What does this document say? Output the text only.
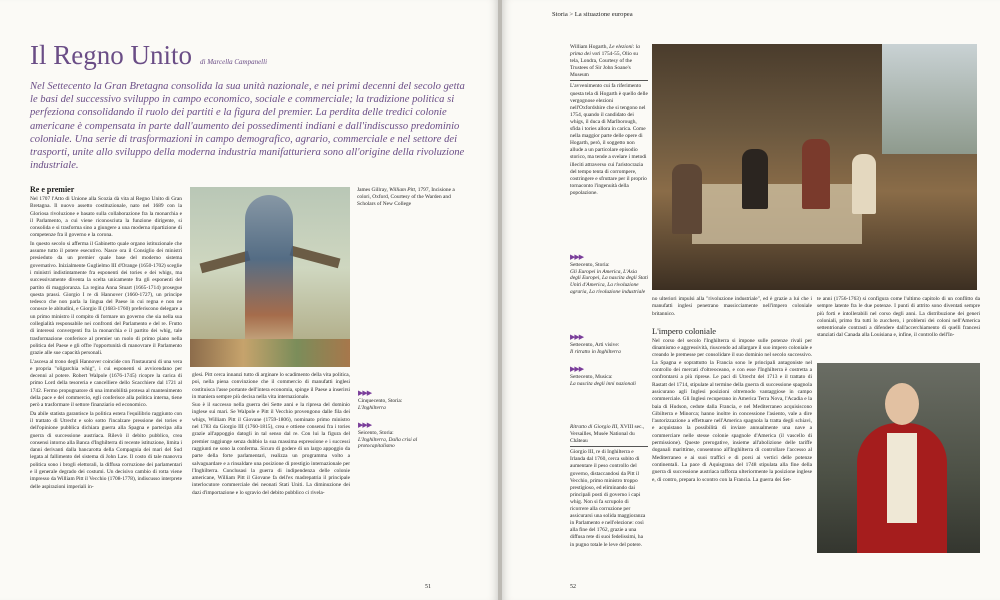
Il Regno Unito di Marcella Campanelli

Nel Settecento la Gran Bretagna consolida la sua unità nazionale, e nei primi decenni del secolo getta le basi del successivo sviluppo in campo economico, sociale e commerciale; la tradizione politica si perfeziona consolidando il ruolo dei partiti e la figura del premier. La perdita delle tredici colonie americane è compensata in parte dall'aumento dei possedimenti indiani e dall'indiscusso predominio coloniale. Una serie di trasformazioni in campo demografico, agrario, commerciale e nel settore dei trasporti, unite allo sviluppo della moderna industria manifatturiera sono all'origine della rivoluzione industriale.

Re e premier

Nel 1707 l'Atto di Unione alla Scozia dà vita al Regno Unito di Gran Bretagna. Il nuovo assetto costituzionale, nato nel 1689 con la Gloriosa rivoluzione e basato sulla collaborazione fra la monarchia e il Parlamento, a cui viene riconosciuta la funzione dirigente, si consolida e si trasforma sino a giungere a una moderna ripartizione di competenze fra il governo e la corona.

In questo secolo si afferma il Gabinetto quale organo istituzionale che assume tutto il potere esecutivo. Nasce ora il Consiglio dei ministri presieduto da un premier quale base del moderno sistema governativo. Inizialmente Guglielmo III d'Orange (1650-1702) sceglie i ministri indistintamente fra esponenti dei tories e dei whigs, ma successivamente diventa la scelta unicamente fra gli esponenti del partito di maggioranza. La regina Anna Stuart (1665-1714) prosegue questa prassi. Giorgio I re di Hannover (1660-1727), un principe tedesco che non parla la lingua del Paese in cui regna e non ne conosce le abitudini, e Giorgio II (1683-1760) preferiscono delegare a un primo ministro il compito di formare un governo che sia nella sua collegialità responsabile nei confronti del Parlamento e del re. Frutto di interessi convergenti fra la monarchia e il partito dei whig, tale trasformazione conferisce al premier un ruolo di primo piano nella politica del Paese e gli offre l'opportunità di manovrare il Parlamento grazie alle sue capacità personali.

L'ascesa al trono degli Hannover coincide con l'instaurarsi di una vera e propria "oligarchia whig", i cui esponenti si avvicendano per decenni al potere. Robert Walpole (1676-1745) ricopre la carica di primo Lord della tesoreria e cancelliere dello Scacchiere dal 1721 al 1742. Fermo propugnatore di una immobilità protesa al mantenimento della pace e del commercio, egli conferisce alla politica interna, tiene però a trasformare il settore finanziario ed economico.

Da abile statista garantisce la politica estera l'equilibrio raggiunto con il trattato di Utrecht e solo sotto l'incalzare pressione dei tories e dell'opinione pubblica dichiara guerra alla Spagna e partecipa alla guerra di successione austriaca. Rilevò il debito pubblico, crea consensi intorno alla Banca d'Inghilterra di recente istituzione, limita i danni derivanti dalla bancarotta della Compagnia dei mari del Sud legata al fallimento del sistema di John Law. Il costo di tale manovra politica sono i brogli elettorali, la diffusa corruzione dei parlamentari e il generale degrado dei costumi. Un decisivo cambio di rotta viene impresso da William Pitt il Vecchio (1708-1778), indiscusso interprete delle aspirazioni imperiali in-

James Gillray, William Pitt, 1797, Incisione a colori, Oxford, Courtesy of the Warden and Scholars of New College

glesi. Pitt cerca innanzi tutto di arginare lo scadimento della vita politica, poi, nella piena convinzione che il commercio di manufatti inglesi costituisca l'asse portante dell'intera economia, spinge il Paese a inserirsi in maniera sempre più decisa nella vita internazionale.

Suo è il successo nella guerra dei Sette anni e la ripresa del dominio inglese sui mari. Se Walpole e Pitt il Vecchio provengono dalle fila dei whigs, William Pitt il Giovane (1759-1806), nominato primo ministro nel 1783 da Giorgio III (1760-1815), crea e ottiene consensi fra i tories grazie all'appoggio datogli in tal senso dal re. Con lui la figura del premier raggiunge senza dubbio la sua massima espressione e i successi raggiunti ne sono la conferma. Sicuro di godere di un largo appoggio da parte della forte parlamentari, realizza un programma volto a salvaguardare e a rinsaldare una posizione di prestigio internazionale per l'Inghilterra. Conclusasi la guerra di indipendenza delle colonie americane, William Pitt il Giovane fa dell'ex madrepatria il principale interlocutore commerciale dei neonati Stati Uniti. La diminuzione dei dazi d'importazione e lo sgravio del debito pubblico ci rivela-

▶▶▶
Cinquecento, Storia:
L'Inghilterra
▶▶▶
Seicento, Storia:
L'Inghilterra, Dalla crisi al protocapitalismo
51
Storia > La situazione europea
William Hogarth, Le elezioni: la prima dei voti 1754-55, Olio su tela, Londra, Courtesy of the Trustees of Sir John Soane's Museum
L'avvenimento cui fa riferimento questa tela di Hogarth è quello delle vergognose elezioni nell'Oxfordshire che si tengono nel 1754, quando il candidato dei whigs, il duca di Marlborough, sfida i tories allora in carica. Come nella maggior parte delle opere di Hogarth, però, il soggetto non allude a un particolare episodio storico, ma tende a svelare i metodi illeciti attraverso cui l'aristocrazia del tempo tenta di corrompere, costringere e sfruttare per il proprio tornaconto l'ingenuità della popolazione.
▶▶▶
Settecento, Storia:
Gli Europei in America, L'Asia degli Europei, La nascita degli Stati Uniti d'America, La rivoluzione agraria, La rivoluzione industriale
▶▶▶
Settecento, Arti visive:
Il ritratto in Inghilterra
▶▶▶
Settecento, Musica:
La nascita degli inni nazionali
Ritratto di Giorgio III, XVIII sec., Versailles, Musée National du Château
Giorgio III, re di Inghilterra e Irlanda dal 1760, cerca subito di aumentare il peso controllo del governo, distaccandosi da Pitt il Vecchio, primo ministro troppo prestigioso, ed eliminando dai principali posti di governo i capi whig. Non si fa scrupolo di ricorrere alla corruzione per assicurarsi una solida maggioranza in Parlamento e nell'elezione: così alla fine del 1762, grazie a una diffusa rete di suoi fedelissimi, ha in pugno totale le leve del potere.

no ulteriori impulsi alla "rivoluzione industriale", ed è grazie a lui che i manufatti inglesi penetrano massicciamente nell'impero coloniale britannico.

L'impero coloniale

Nel corso del secolo l'Inghilterra si impone sulle potenze rivali per dinamismo e aggressività, riuscendo ad allargare il suo impero coloniale e creando le premesse per consolidare il suo dominio nel secolo successivo. La Spagna e soprattutto la Francia sono le principali antagoniste nel controllo dei mercati d'oltreoceano, e con esse l'Inghilterra è costretta a confrontarsi a più riprese. Le paci di Utrecht del 1713 e il trattato di Rastatt del 1714, stipulate al termine della guerra di successione spagnola assicurano agli Inglesi posizioni oltremodo vantaggiose in campo commerciale. Gli Inglesi recuperano in America Terra Nova, l'Acadia e la baia di Hudson, cedute dalla Francia, e nel Mediterraneo acquisiscono Gibilterra e Minorca; hanno inoltre in concessione l'asiento, vale a dire l'autorizzazione a effettuare nell'America spagnola la tratta degli schiavi, e acquistano la possibilità di inviare annualmente una nave a commerciare nelle stesse colonie spagnole d'America (il vascello di permissione). Queste prerogative, insieme all'abolizione delle tariffe doganali marittime, consentono all'Inghilterra di controllare l'accesso al Mediterraneo e ai suoi traffici e di porsi ai vertici delle potenze continentali. La pace di Aquisgrana del 1748 stipulata alla fine della guerra di successione austriaca rafforza ulteriormente la posizione inglese e, di contro, prepara lo scontro con la Francia. La guerra dei Set-

te anni (1756-1763) si configura come l'ultimo capitolo di un conflitto da sempre latente fra le due potenze. I punti di attrito sono diventati sempre più forti e intollerabili nel corso degli anni. La distribuzione dei generi coloniali, primo fra tutti lo zucchero, i problemi dei coloni nell'America settentrionale contrasti a difendere dall'accerchiamento di quelli francesi stanziati dal Canada alla Louisiana e, infine, il controllo dell'In-

52
